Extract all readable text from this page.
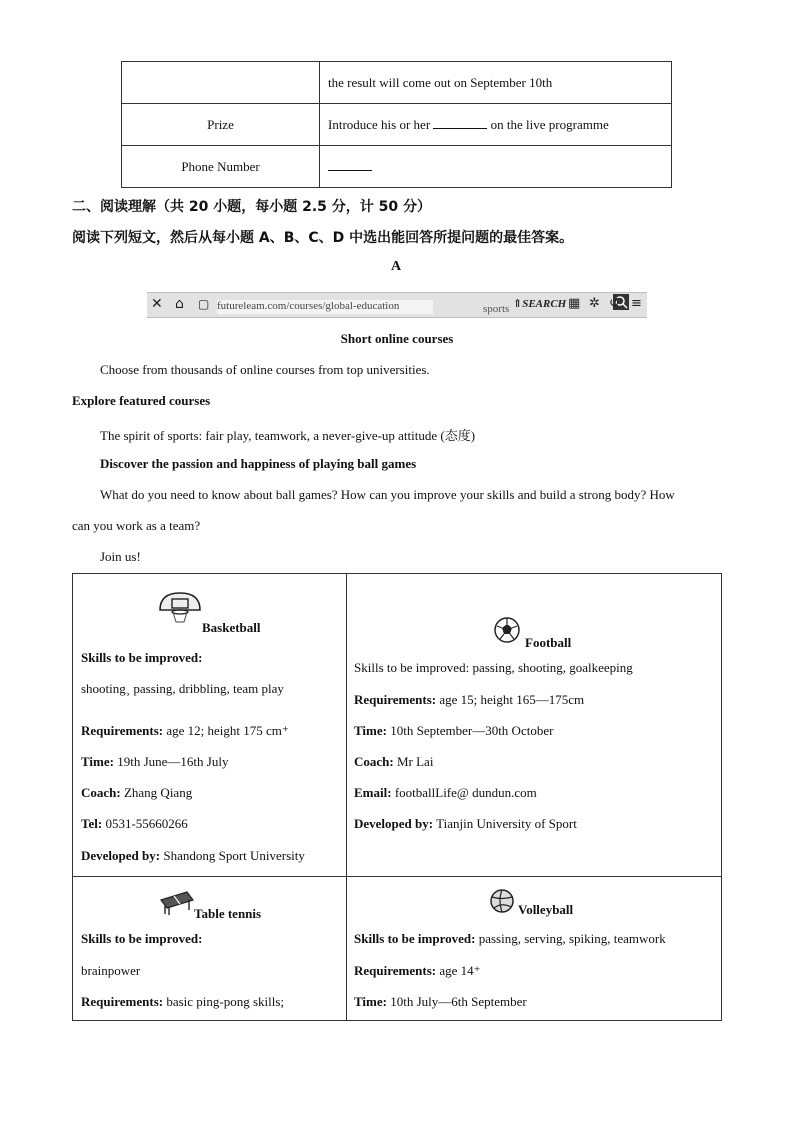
	the result will come out on September 10th
Prize	Introduce his or her on the live programme
Phone Number	
二、阅读理解（共 20 小题，每小题 2.5 分，计 50 分）
阅读下列短文，然后从每小题 A、B、C、D 中选出能回答所提问题的最佳答案。
A
✕ ⌂ ▢ futureleam.com/courses/global-education	sports ⇑SEARCH ▦ ✲ ↺ ≡
Short online courses
Choose from thousands of online courses from top universities.
Explore featured courses
The spirit of sports: fair play, teamwork, a never-give-up attitude (态度)
Discover the passion and happiness of playing ball games
What do you need to know about ball games? How can you improve your skills and build a strong body? How
can you work as a team?
Join us!
Basketball
Skills to be improved:
shooting¸ passing, dribbling, team play
Requirements: age 12; height 175 cm⁺
Time: 19th June—16th July
Coach: Zhang Qiang
Tel: 0531-55660266
Developed by: Shandong Sport University
Football
Skills to be improved: passing, shooting, goalkeeping
Requirements: age 15; height 165—175cm
Time: 10th September—30th October
Coach: Mr Lai
Email: footballLife@ dundun.com
Developed by: Tianjin University of Sport
Table tennis
Skills to be improved:
brainpower
Requirements: basic ping-pong skills;
Volleyball
Skills to be improved: passing, serving, spiking, teamwork
Requirements: age 14⁺
Time: 10th July—6th September
